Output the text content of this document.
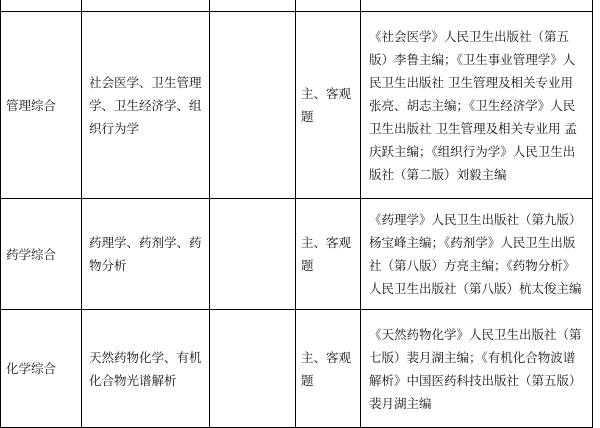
管理综合	社会医学、卫生管理学、卫生经济学、组织行为学			主、客观题	《社会医学》人民卫生出版社（第五版）李鲁主编；《卫生事业管理学》人民卫生出版社 卫生管理及相关专业用　张亮、胡志主编；《卫生经济学》人民卫生出版社 卫生管理及相关专业用 孟庆跃主编；《组织行为学》人民卫生出版社（第二版）刘毅主编
药学综合	药理学、药剂学、药物分析			主、客观题	《药理学》人民卫生出版社（第九版）杨宝峰主编；《药剂学》人民卫生出版社（第八版）方亮主编；《药物分析》人民卫生出版社（第八版）杭太俊主编
化学综合	天然药物化学、有机化合物光谱解析			主、客观题	《天然药物化学》人民卫生出版社（第七版）裴月湖主编；《有机化合物波谱解析》中国医药科技出版社（第五版）裴月湖主编
